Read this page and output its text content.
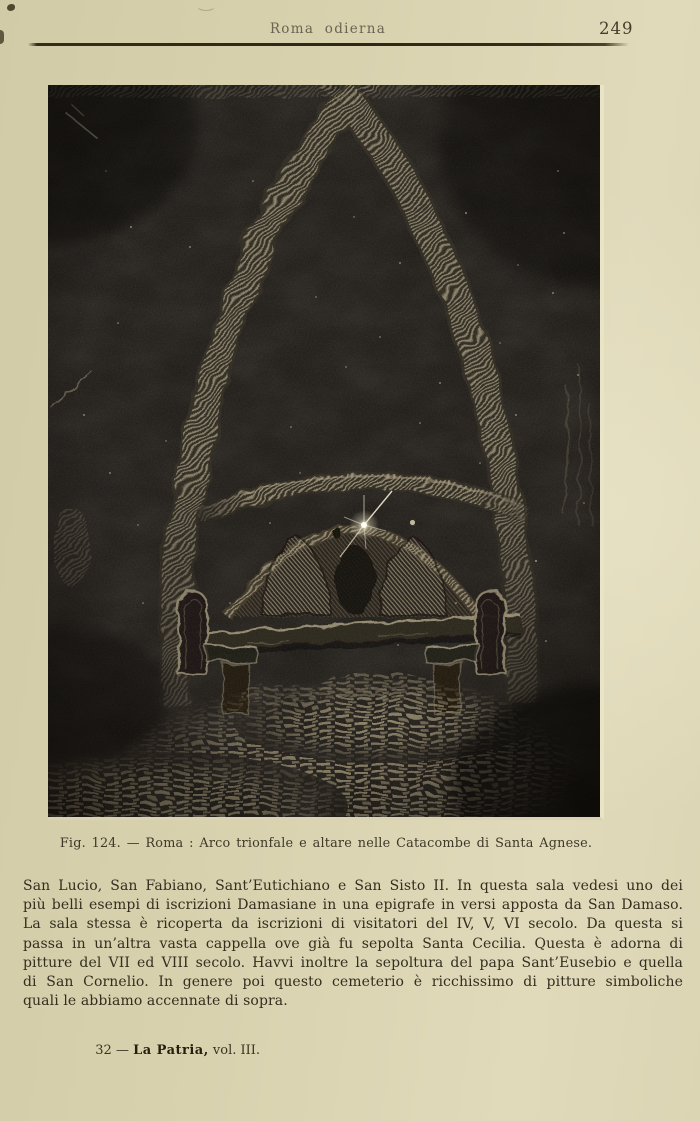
Roma odierna	249
Fig. 124. — Roma : Arco trionfale e altare nelle Catacombe di Santa Agnese.
San Lucio, San Fabiano, Sant’Eutichiano e San Sisto II. In questa sala vedesi uno dei
più belli esempi di iscrizioni Damasiane in una epigrafe in versi apposta da San Damaso.
La sala stessa è ricoperta da iscrizioni di visitatori del IV, V, VI secolo. Da questa si
passa in un’altra vasta cappella ove già fu sepolta Santa Cecilia. Questa è adorna di
pitture del VII ed VIII secolo. Havvi inoltre la sepoltura del papa Sant’Eusebio e quella
di San Cornelio. In genere poi questo cemeterio è ricchissimo di pitture simboliche
quali le abbiamo accennate di sopra.

32 — La Patria, vol. III.
